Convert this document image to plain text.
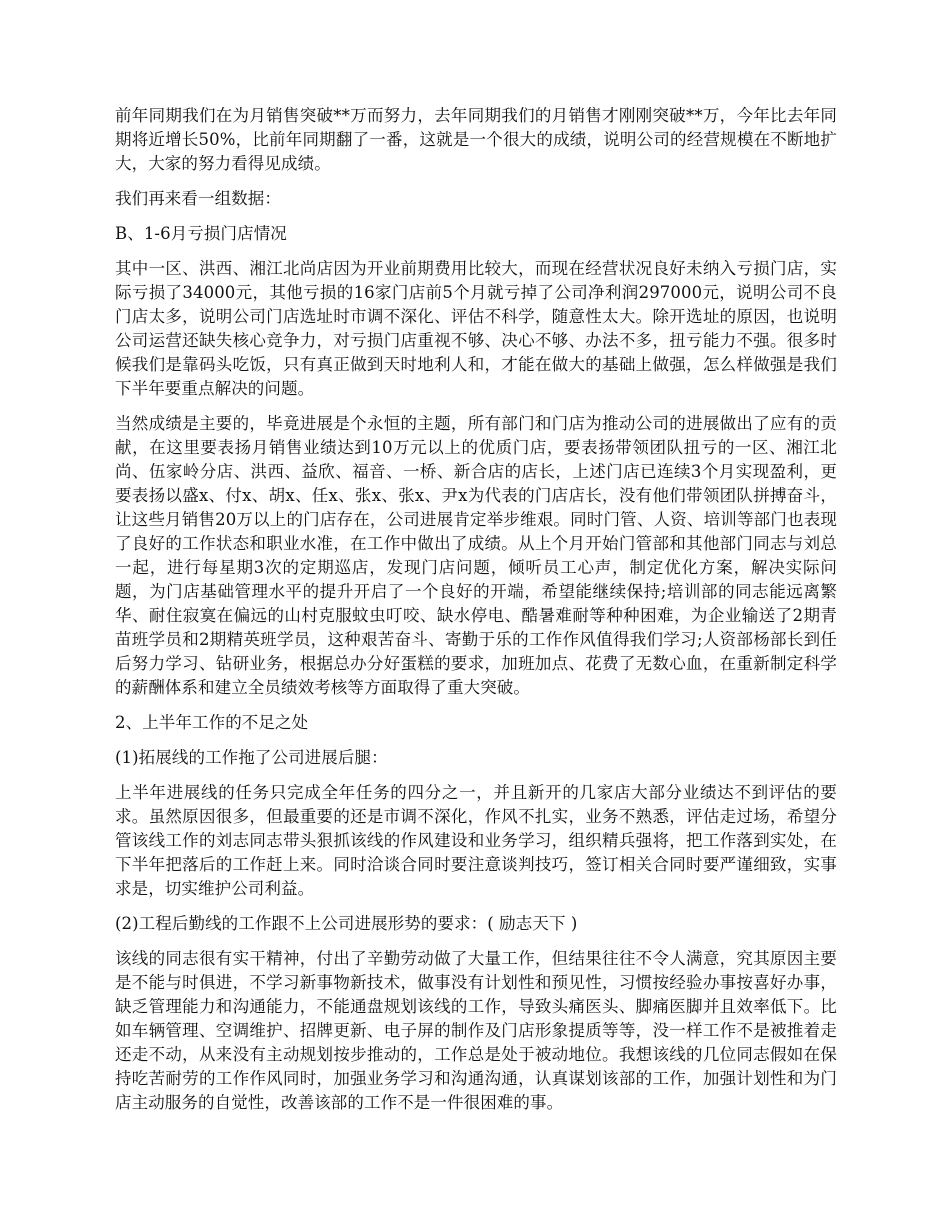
前年同期我们在为月销售突破**万而努力，去年同期我们的月销售才刚刚突破**万，今年比去年同期将近增长50%，比前年同期翻了一番，这就是一个很大的成绩，说明公司的经营规模在不断地扩大，大家的努力看得见成绩。

我们再来看一组数据：

B、1-6月亏损门店情况

其中一区、洪西、湘江北尚店因为开业前期费用比较大，而现在经营状况良好未纳入亏损门店，实际亏损了34000元，其他亏损的16家门店前5个月就亏掉了公司净利润297000元，说明公司不良门店太多，说明公司门店选址时市调不深化、评估不科学，随意性太大。除开选址的原因，也说明公司运营还缺失核心竞争力，对亏损门店重视不够、决心不够、办法不多，扭亏能力不强。很多时候我们是靠码头吃饭，只有真正做到天时地利人和，才能在做大的基础上做强，怎么样做强是我们下半年要重点解决的问题。

当然成绩是主要的，毕竟进展是个永恒的主题，所有部门和门店为推动公司的进展做出了应有的贡献，在这里要表扬月销售业绩达到10万元以上的优质门店，要表扬带领团队扭亏的一区、湘江北尚、伍家岭分店、洪西、益欣、福音、一桥、新合店的店长，上述门店已连续3个月实现盈利，更要表扬以盛x、付x、胡x、任x、张x、张x、尹x为代表的门店店长，没有他们带领团队拼搏奋斗，让这些月销售20万以上的门店存在，公司进展肯定举步维艰。同时门管、人资、培训等部门也表现了良好的工作状态和职业水准，在工作中做出了成绩。从上个月开始门管部和其他部门同志与刘总一起，进行每星期3次的定期巡店，发现门店问题，倾听员工心声，制定优化方案，解决实际问题，为门店基础管理水平的提升开启了一个良好的开端，希望能继续保持;培训部的同志能远离繁华、耐住寂寞在偏远的山村克服蚊虫叮咬、缺水停电、酷暑难耐等种种困难，为企业输送了2期青苗班学员和2期精英班学员，这种艰苦奋斗、寄勤于乐的工作作风值得我们学习;人资部杨部长到任后努力学习、钻研业务，根据总办分好蛋糕的要求，加班加点、花费了无数心血，在重新制定科学的薪酬体系和建立全员绩效考核等方面取得了重大突破。

2、上半年工作的不足之处

(1)拓展线的工作拖了公司进展后腿：

上半年进展线的任务只完成全年任务的四分之一，并且新开的几家店大部分业绩达不到评估的要求。虽然原因很多，但最重要的还是市调不深化，作风不扎实，业务不熟悉，评估走过场，希望分管该线工作的刘志同志带头狠抓该线的作风建设和业务学习，组织精兵强将，把工作落到实处，在下半年把落后的工作赶上来。同时洽谈合同时要注意谈判技巧，签订相关合同时要严谨细致，实事求是，切实维护公司利益。

(2)工程后勤线的工作跟不上公司进展形势的要求：( 励志天下 )

该线的同志很有实干精神，付出了辛勤劳动做了大量工作，但结果往往不令人满意，究其原因主要是不能与时俱进，不学习新事物新技术，做事没有计划性和预见性，习惯按经验办事按喜好办事，缺乏管理能力和沟通能力，不能通盘规划该线的工作，导致头痛医头、脚痛医脚并且效率低下。比如车辆管理、空调维护、招牌更新、电子屏的制作及门店形象提质等等，没一样工作不是被推着走还走不动，从来没有主动规划按步推动的，工作总是处于被动地位。我想该线的几位同志假如在保持吃苦耐劳的工作作风同时，加强业务学习和沟通沟通，认真谋划该部的工作，加强计划性和为门店主动服务的自觉性，改善该部的工作不是一件很困难的事。
